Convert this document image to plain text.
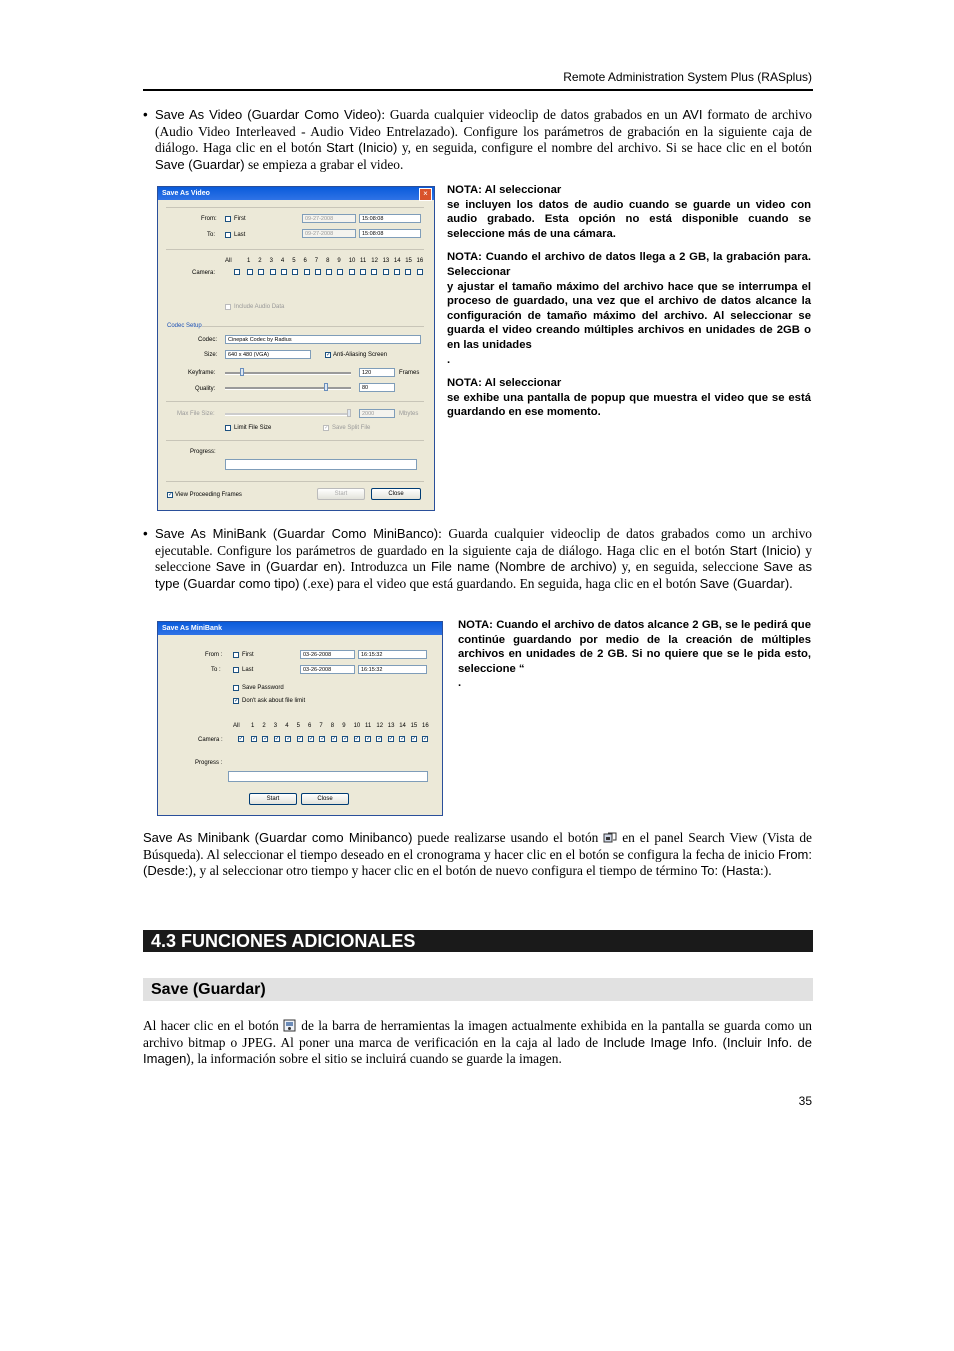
Remote Administration System Plus (RASplus)
• Save As Video (Guardar Como Video): Guarda cualquier videoclip de datos grabados en un AVI formato de archivo (Audio Video Interleaved - Audio Video Entrelazado). Configure los parámetros de grabación en la siguiente caja de diálogo. Haga clic en el botón Start (Inicio) y, en seguida, configure el nombre del archivo. Si se hace clic en el botón Save (Guardar) se empieza a grabar el video.
Save As Video	×
From:	First	09-27-2008	15:08:08
To:	Last	09-27-2008	15:08:08
All	1 2 3 4 5 6 7 8 9 10 11 12 13 14 15 16
Camera:
Include Audio Data
Codec Setup
Codec:	Cinepak Codec by Radius
Size:	640 x 480 (VGA)	✓ Anti-Aliasing Screen
Keyframe:	120	Frames
Quality:	80
Max File Size:	2000	Mbytes
Limit File Size	✓ Save Split File
Progress:
✓ View Proceeding Frames	Start	Close

NOTA: Al seleccionar
se incluyen los datos de audio cuando se guarde un video con audio grabado. Esta opción no está disponible cuando se seleccione más de una cámara.

NOTA: Cuando el archivo de datos llega a 2 GB, la grabación para. Seleccionar
y ajustar el tamaño máximo del archivo hace que se interrumpa el proceso de guardado, una vez que el archivo de datos alcance la configuración de tamaño máximo del archivo. Al seleccionar se guarda el video creando múltiples archivos en unidades de 2GB o en las unidades
.

NOTA: Al seleccionar
se exhibe una pantalla de popup que muestra el video que se está guardando en ese momento.

• Save As MiniBank (Guardar Como MiniBanco): Guarda cualquier videoclip de datos grabados como un archivo ejecutable. Configure los parámetros de guardado en la siguiente caja de diálogo. Haga clic en el botón Start (Inicio) y seleccione Save in (Guardar en). Introduzca un File name (Nombre de archivo) y, en seguida, seleccione Save as type (Guardar como tipo) (.exe) para el video que está guardando. En seguida, haga clic en el botón Save (Guardar).
Save As MiniBank
From :	First	03-26-2008	16:15:32
To :	Last	03-26-2008	16:15:32
Save Password
✓ Don't ask about file limit
All 1 2 3 4 5 6 7 8 9 10 11 12 13 14 15 16
Camera :	✓ ✓ ✓ ✓ ✓ ✓ ✓ ✓ ✓ ✓ ✓ ✓ ✓ ✓ ✓ ✓ ✓
Progress :
Start	Close

NOTA: Cuando el archivo de datos alcance 2 GB, se le pedirá que continúe guardando por medio de la creación de múltiples archivos en unidades de 2 GB. Si no quiere que se le pida esto, seleccione “
.

Save As Minibank (Guardar como Minibanco) puede realizarse usando el botón  en el panel Search View (Vista de Búsqueda). Al seleccionar el tiempo deseado en el cronograma y hacer clic en el botón se configura la fecha de inicio From: (Desde:), y al seleccionar otro tiempo y hacer clic en el botón de nuevo configura el tiempo de término To: (Hasta:).
4.3 FUNCIONES ADICIONALES
Save (Guardar)
Al hacer clic en el botón  de la barra de herramientas la imagen actualmente exhibida en la pantalla se guarda como un archivo bitmap o JPEG. Al poner una marca de verificación en la caja al lado de Include Image Info. (Incluir Info. de Imagen), la información sobre el sitio se incluirá cuando se guarde la imagen.
35
